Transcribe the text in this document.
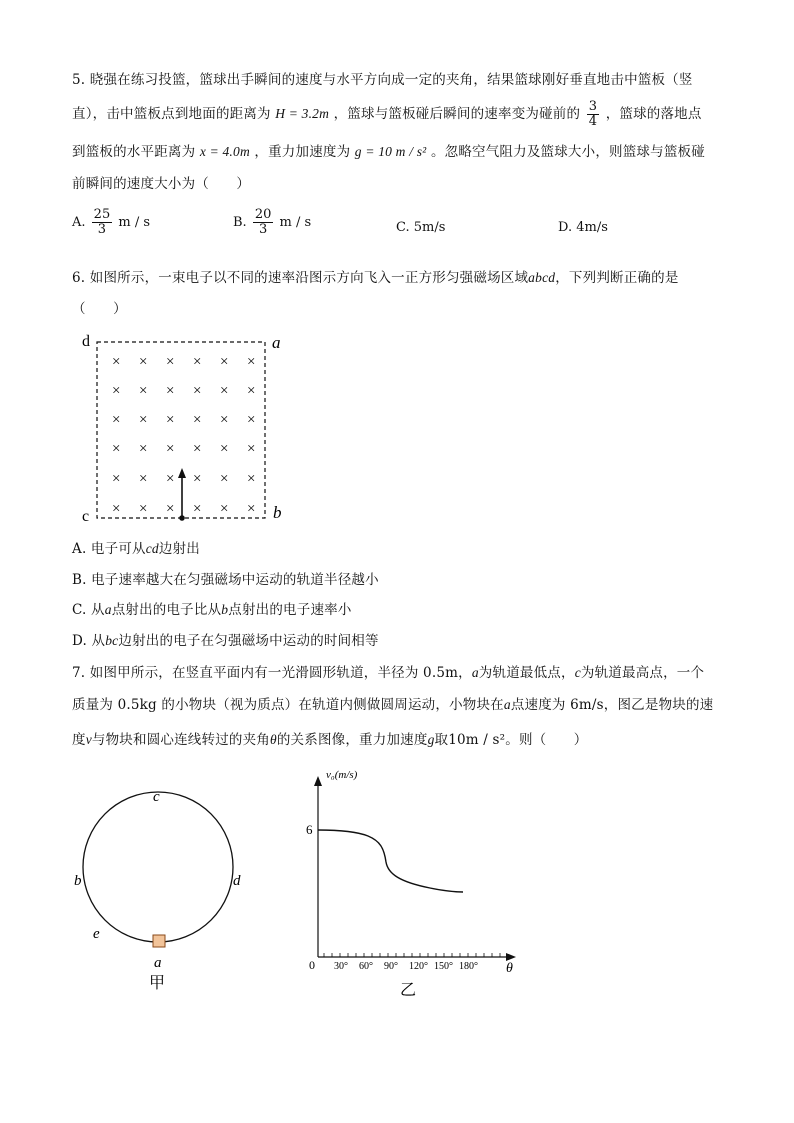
5. 晓强在练习投篮，篮球出手瞬间的速度与水平方向成一定的夹角，结果篮球刚好垂直地击中篮板（竖
直），击中篮板点到地面的距离为 H = 3.2m ，篮球与篮板碰后瞬间的速率变为碰前的 $\frac{3}{4}$ ，篮球的落地点
到篮板的水平距离为 x = 4.0m ，重力加速度为 g = 10 m / s² 。忽略空气阻力及篮球大小，则篮球与篮板碰
前瞬间的速度大小为（　　）
A. $\frac{25}{3}$ m / s	B. $\frac{20}{3}$ m / s	C. 5m/s	D. 4m/s
6. 如图所示，一束电子以不同的速率沿图示方向飞入一正方形匀强磁场区域abcd，下列判断正确的是
（　　）
× × × × × ×
× × × × × ×
× × × × × ×
× × × × × ×
× × × × × ×
× × × × × ×
d	a
c	b
A. 电子可从cd边射出
B. 电子速率越大在匀强磁场中运动的轨道半径越小
C. 从a点射出的电子比从b点射出的电子速率小
D. 从bc边射出的电子在匀强磁场中运动的时间相等
7. 如图甲所示，在竖直平面内有一光滑圆形轨道，半径为 0.5m，a为轨道最低点，c为轨道最高点，一个
质量为 0.5kg 的小物块（视为质点）在轨道内侧做圆周运动，小物块在a点速度为 6m/s，图乙是物块的速
度v与物块和圆心连线转过的夹角θ的关系图像，重力加速度g取10m / s²。则（　　）
c
b	d
e
a
甲
v₀(m/s)
6
0 30° 60° 90° 120° 150° 180° θ
乙
